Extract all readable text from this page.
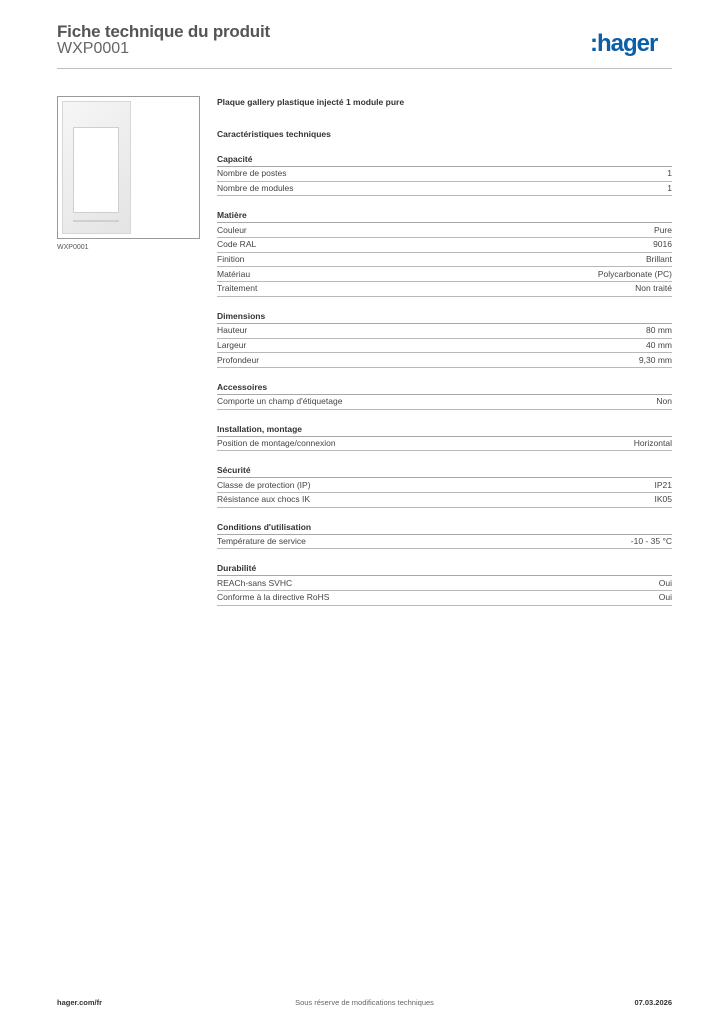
Fiche technique du produit
WXP0001	:hager
WXP0001
Plaque gallery plastique injecté 1 module pure
Caractéristiques techniques
Capacité
Nombre de postes	1
Nombre de modules	1
Matière
Couleur	Pure
Code RAL	9016
Finition	Brillant
Matériau	Polycarbonate (PC)
Traitement	Non traité
Dimensions
Hauteur	80 mm
Largeur	40 mm
Profondeur	9,30 mm
Accessoires
Comporte un champ d'étiquetage	Non
Installation, montage
Position de montage/connexion	Horizontal
Sécurité
Classe de protection (IP)	IP21
Résistance aux chocs IK	IK05
Conditions d'utilisation
Température de service	-10 - 35 °C
Durabilité
REACh-sans SVHC	Oui
Conforme à la directive RoHS	Oui
hager.com/fr	Sous réserve de modifications techniques	07.03.2026
